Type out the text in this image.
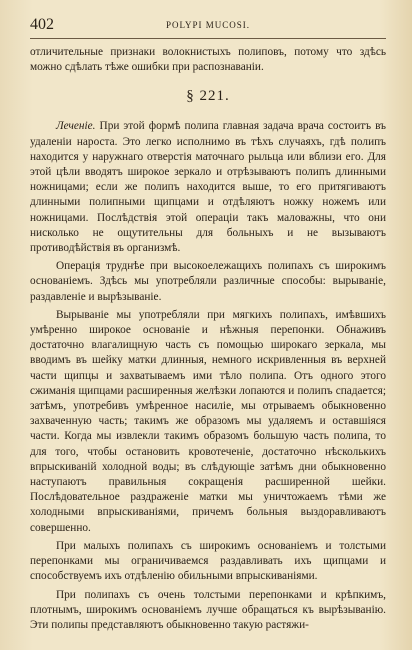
402	POLYPI MUCOSI.

отличительные признаки волокнистыхъ полиповъ, потому что здѣсь можно сдѣлать тѣже ошибки при распознаваніи.

§ 221.

Леченіе. При этой формѣ полипа главная задача врача состоитъ въ удаленіи нароста. Это легко исполнимо въ тѣхъ случаяхъ, гдѣ полипъ находится у наружнаго отверстія маточнаго рыльца или вблизи его. Для этой цѣли вводятъ широкое зеркало и отрѣзываютъ полипъ длинными ножницами; если же полипъ находится выше, то его притягиваютъ длинными полипными щипцами и отдѣляютъ ножку ножемъ или ножницами. Послѣдствія этой операціи такъ маловажны, что они нисколько не ощутительны для больныхъ и не вызываютъ противодѣйствія въ организмѣ.

Операція труднѣе при высокоележащихъ полипахъ съ широкимъ основаніемъ. Здѣсь мы употребляли различные способы: вырываніе, раздавленіе и вырѣзываніе.

Вырываніе мы употребляли при мягкихъ полипахъ, имѣвшихъ умѣренно широкое основаніе и нѣжныя перепонки. Обнаживъ достаточно влагалищную часть съ помощью широкаго зеркала, мы вводимъ въ шейку матки длинныя, немного искривленныя въ верхней части щипцы и захватываемъ ими тѣло полипа. Отъ одного этого сжиманія щипцами расширенныя желѣзки лопаются и полипъ спадается; затѣмъ, употребивъ умѣренное насиліе, мы отрываемъ обыкновенно захваченную часть; такимъ же образомъ мы удаляемъ и оставшіяся части. Когда мы извлекли такимъ образомъ большую часть полипа, то для того, чтобы остановить кровотеченіе, достаточно нѣсколькихъ впрыскиваній холодной воды; въ слѣдующіе затѣмъ дни обыкновенно наступаютъ правильныя сокращенія расширенной шейки. Послѣдовательное раздраженіе матки мы уничтожаемъ тѣми же холодными впрыскиваніями, причемъ больныя выздоравливаютъ совершенно.

При малыхъ полипахъ съ широкимъ основаніемъ и толстыми перепонками мы ограничиваемся раздавливать ихъ щипцами и способствуемъ ихъ отдѣленію обильными впрыскиваніями.

При полипахъ съ очень толстыми перепонками и крѣпкимъ, плотнымъ, широкимъ основаніемъ лучше обращаться къ вырѣзыванію. Эти полипы представляютъ обыкновенно такую растяжи-
